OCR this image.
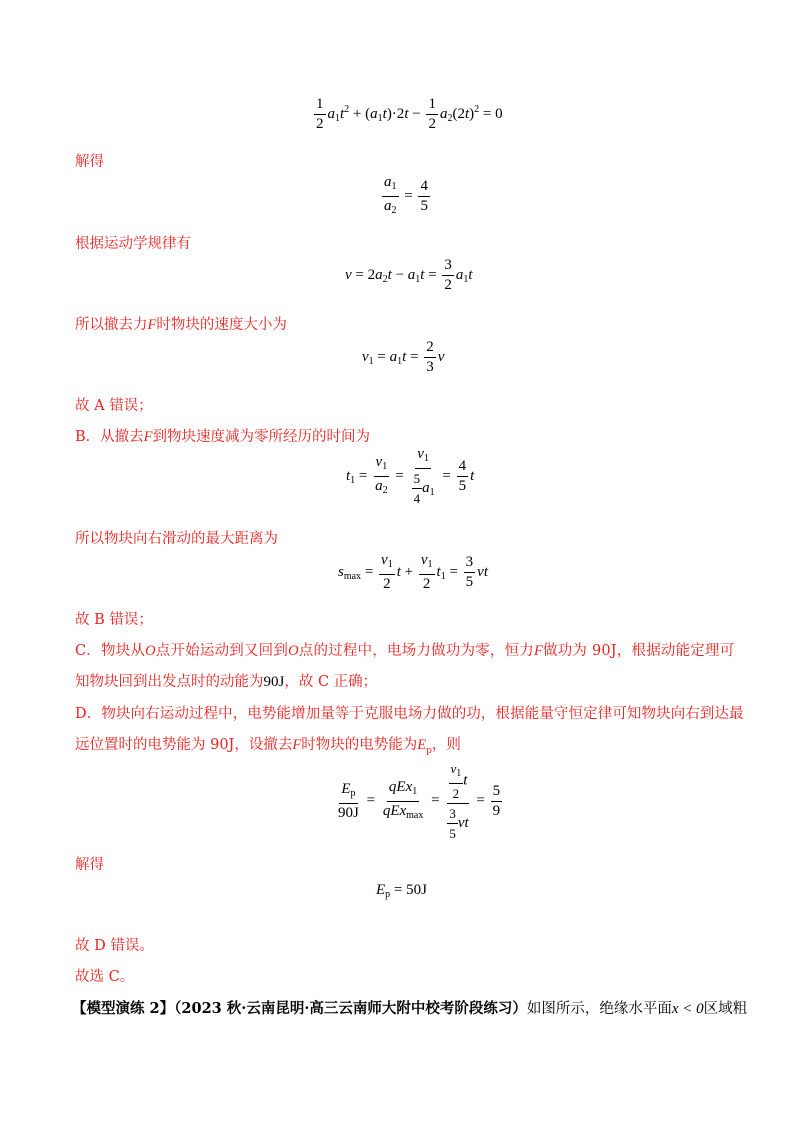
$\frac{1}{2} a_1t^2 + (a_1t)\cdot 2t - \frac{1}{2} a_2(2t)^2 = 0$
解得
$\frac{a_1}{a_2} = \frac{4}{5}$
根据运动学规律有
$v = 2a_2t - a_1t = \frac{3}{2} a_1t$
所以撤去力F时物块的速度大小为
$v_1 = a_1t = \frac{2}{3}$ v
故 A 错误；
B．从撤去F到物块速度减为零所经历的时间为
$t_1 = \frac{v_1}{a_2} = \frac{v_1}{\frac{5}{4} a_1} = \frac{4}{5}$ t
所以物块向右滑动的最大距离为
$s_{max} = \frac{v_1}{2}$ $t + \frac{v_1}{2} t_1 = \frac{3}{5}$ vt
故 B 错误；
C．物块从O点开始运动到又回到O点的过程中，电场力做功为零，恒力F做功为 90J，根据动能定理可
知物块回到出发点时的动能为90J，故 C 正确；
D．物块向右运动过程中，电势能增加量等于克服电场力做的功，根据能量守恒定律可知物块向右到达最
远位置时的电势能为 90J，设撤去F时物块的电势能为$E_p$，则
$\frac{E_p}{90J} = \frac{qEx_1}{qEx_{max}} = \frac{\frac{v_1}{2} t}{\frac{3}{5} vt} = \frac{5}{9}$
解得
$E_p = 50J$
故 D 错误。
故选 C。
【模型演练 2】（2023 秋·云南昆明·高三云南师大附中校考阶段练习）如图所示，绝缘水平面x < 0区域粗
